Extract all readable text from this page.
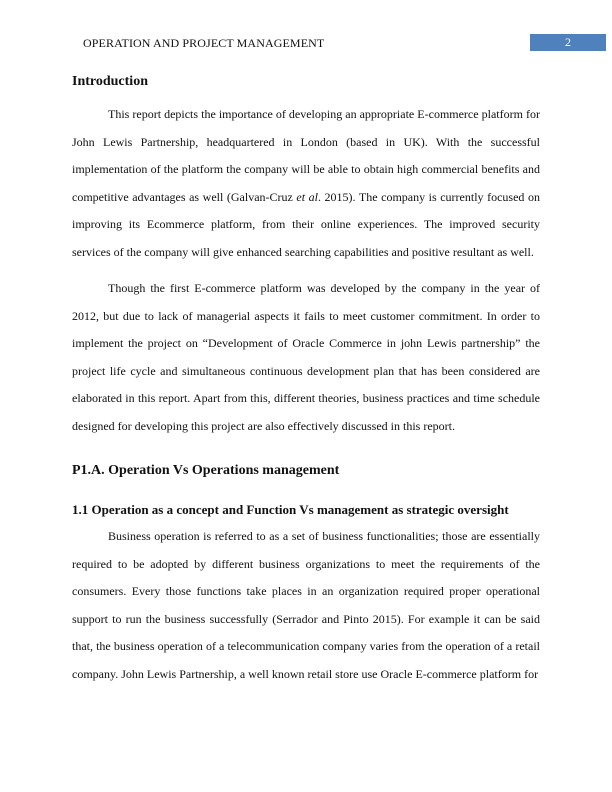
OPERATION AND PROJECT MANAGEMENT	2
Introduction

This report depicts the importance of developing an appropriate E-commerce platform for John Lewis Partnership, headquartered in London (based in UK). With the successful implementation of the platform the company will be able to obtain high commercial benefits and competitive advantages as well (Galvan-Cruz et al. 2015). The company is currently focused on improving its Ecommerce platform, from their online experiences. The improved security services of the company will give enhanced searching capabilities and positive resultant as well.

Though the first E-commerce platform was developed by the company in the year of 2012, but due to lack of managerial aspects it fails to meet customer commitment. In order to implement the project on “Development of Oracle Commerce in john Lewis partnership” the project life cycle and simultaneous continuous development plan that has been considered are elaborated in this report. Apart from this, different theories, business practices and time schedule designed for developing this project are also effectively discussed in this report.

P1.A. Operation Vs Operations management
1.1 Operation as a concept and Function Vs management as strategic oversight

Business operation is referred to as a set of business functionalities; those are essentially required to be adopted by different business organizations to meet the requirements of the consumers. Every those functions take places in an organization required proper operational support to run the business successfully (Serrador and Pinto 2015). For example it can be said that, the business operation of a telecommunication company varies from the operation of a retail company. John Lewis Partnership, a well known retail store use Oracle E-commerce platform for
